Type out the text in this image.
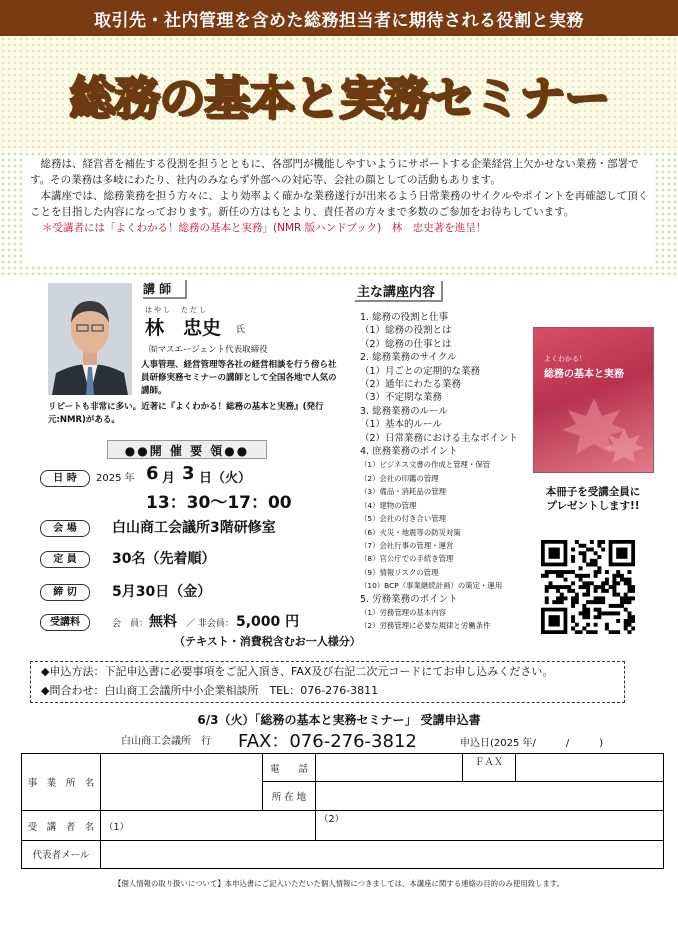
取引先・社内管理を含めた総務担当者に期待される役割と実務
総務の基本と実務セミナー

総務は、経営者を補佐する役割を担うとともに、各部門が機能しやすいようにサポートする企業経営上欠かせない業務・部署です。その業務は多岐にわたり、社内のみならず外部への対応等、会社の顔としての活動もあります。

本講座では、総務業務を担う方々に、より効率よく確かな業務遂行が出来るよう日常業務のサイクルやポイントを再確認して頂くことを目指した内容になっております。新任の方はもとより、責任者の方々まで多数のご参加をお待ちしています。

＊受講者には「よくわかる！総務の基本と実務」(NMR 版ハンドブック)　林　忠史著を進呈！

講 師
はやし　ただし
林　忠史 氏
㈲マスエージェント代表取締役
人事管理、経営管理等各社の経営相談を行う傍ら社員研修実務セミナーの講師として全国各地で人気の講師。
リピートも非常に多い。近著に『よくわかる！総務の基本と実務』(発行元:NMR)がある。
●●開 催 要 領●●
日 時	2025 年 6 月 3 日 （火）
13：30～17：00
会 場	白山商工会議所3階研修室
定 員	30名（先着順）
締 切	5月30日（金）
受講料	会　員： 無料 ／ 非会員： 5,000 円
（テキスト・消費税含むお一人様分）
主な講座内容
1. 総務の役割と仕事
（1）総務の役割とは
（2）総務の仕事とは
2. 総務業務のサイクル
（1）月ごとの定期的な業務
（2）通年にわたる業務
（3）不定期な業務
3. 総務業務のルール
（1）基本的ルール
（2）日常業務における主なポイント
4. 庶務業務のポイント
（1）ビジネス文書の作成と管理・保管
（2）会社の印鑑の管理
（3）備品・消耗品の管理
（4）建物の管理
（5）会社の付き合い管理
（6）火災・地震等の防災対策
（7）会社行事の管理・運営
（8）官公庁での手続き管理
（9）情報リスクの管理
（10）BCP（事業継続計画）の策定・運用
5. 労務業務のポイント
（1）労務管理の基本内容
（2）労務管理に必要な規律と労働条件
よくわかる！
総務の基本と実務
本冊子を受講全員に
プレゼントします!!
◆申込方法：下記申込書に必要事項をご記入頂き、FAX及び右記二次元コードにてお申し込みください。
◆問合わせ：白山商工会議所中小企業相談所　TEL：076-276-3811
6/3（火）「総務の基本と実務セミナー」 受講申込書
白山商工会議所　行 FAX：076-276-3812	申込日(2025 年/　　　/　　　)
事　業　所　名		電　　話		ＦＡＸ	
		所 在 地			
受　講　者　名	（1）		（2）		
代表者メール					
【個人情報の取り扱いについて】本申込書にご記入いただいた個人情報につきましては、本講座に関する連絡の目的のみ使用致します。
